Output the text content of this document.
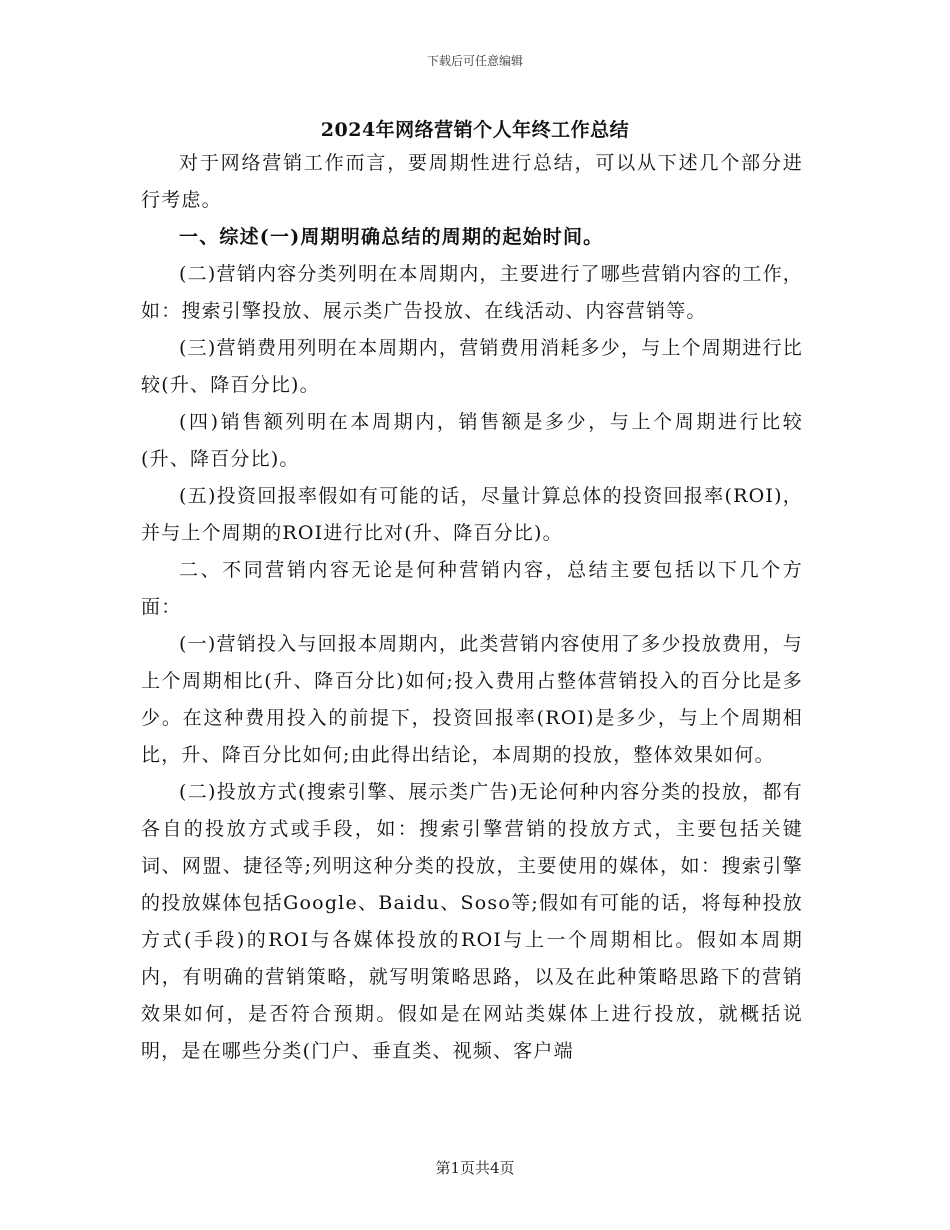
下载后可任意编辑
2024年网络营销个人年终工作总结

对于网络营销工作而言，要周期性进行总结，可以从下述几个部分进行考虑。

一、综述(一)周期明确总结的周期的起始时间。

(二)营销内容分类列明在本周期内，主要进行了哪些营销内容的工作，如：搜索引擎投放、展示类广告投放、在线活动、内容营销等。

(三)营销费用列明在本周期内，营销费用消耗多少，与上个周期进行比较(升、降百分比)。

(四)销售额列明在本周期内，销售额是多少，与上个周期进行比较(升、降百分比)。

(五)投资回报率假如有可能的话，尽量计算总体的投资回报率(ROI)，并与上个周期的ROI进行比对(升、降百分比)。

二、不同营销内容无论是何种营销内容，总结主要包括以下几个方面：

(一)营销投入与回报本周期内，此类营销内容使用了多少投放费用，与上个周期相比(升、降百分比)如何;投入费用占整体营销投入的百分比是多少。在这种费用投入的前提下，投资回报率(ROI)是多少，与上个周期相比，升、降百分比如何;由此得出结论，本周期的投放，整体效果如何。

(二)投放方式(搜索引擎、展示类广告)无论何种内容分类的投放，都有各自的投放方式或手段，如：搜索引擎营销的投放方式，主要包括关键词、网盟、捷径等;列明这种分类的投放，主要使用的媒体，如：搜索引擎的投放媒体包括Google、Baidu、Soso等;假如有可能的话，将每种投放方式(手段)的ROI与各媒体投放的ROI与上一个周期相比。假如本周期内，有明确的营销策略，就写明策略思路，以及在此种策略思路下的营销效果如何，是否符合预期。假如是在网站类媒体上进行投放，就概括说明，是在哪些分类(门户、垂直类、视频、客户端

第1页共4页
